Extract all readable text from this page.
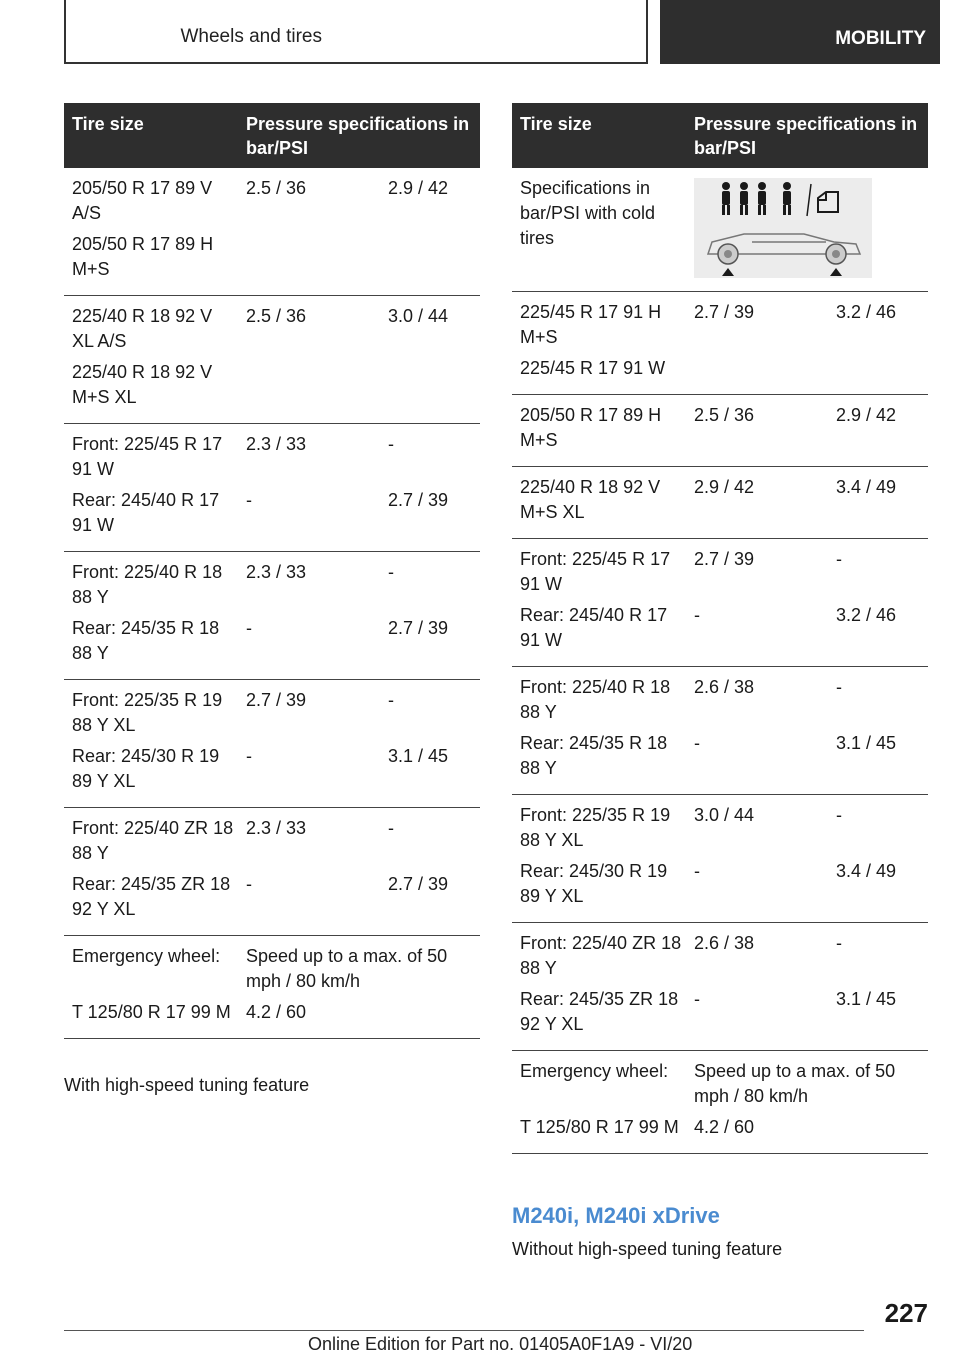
Wheels and tires	MOBILITY
Tire size	Pressure specifications in bar/PSI	
205/50 R 17 89 V A/S	2.5 / 36	2.9 / 42
205/50 R 17 89 H M+S		
225/40 R 18 92 V XL A/S	2.5 / 36	3.0 / 44
225/40 R 18 92 V M+S XL		
Front: 225/45 R 17 91 W	2.3 / 33	-
Rear: 245/40 R 17 91 W	-	2.7 / 39
Front: 225/40 R 18 88 Y	2.3 / 33	-
Rear: 245/35 R 18 88 Y	-	2.7 / 39
Front: 225/35 R 19 88 Y XL	2.7 / 39	-
Rear: 245/30 R 19 89 Y XL	-	3.1 / 45
Front: 225/40 ZR 18 88 Y	2.3 / 33	-
Rear: 245/35 ZR 18 92 Y XL	-	2.7 / 39
Emergency wheel:	Speed up to a max. of 50 mph / 80 km/h	
T 125/80 R 17 99 M	4.2 / 60	
With high-speed tuning feature
Tire size	Pressure specifications in bar/PSI	
Specifications in bar/PSI with cold tires	

225/45 R 17 91 H M+S	2.7 / 39	3.2 / 46
225/45 R 17 91 W		
205/50 R 17 89 H M+S	2.5 / 36	2.9 / 42
225/40 R 18 92 V M+S XL	2.9 / 42	3.4 / 49
Front: 225/45 R 17 91 W	2.7 / 39	-
Rear: 245/40 R 17 91 W	-	3.2 / 46
Front: 225/40 R 18 88 Y	2.6 / 38	-
Rear: 245/35 R 18 88 Y	-	3.1 / 45
Front: 225/35 R 19 88 Y XL	3.0 / 44	-
Rear: 245/30 R 19 89 Y XL	-	3.4 / 49
Front: 225/40 ZR 18 88 Y	2.6 / 38	-
Rear: 245/35 ZR 18 92 Y XL	-	3.1 / 45
Emergency wheel:	Speed up to a max. of 50 mph / 80 km/h	
T 125/80 R 17 99 M	4.2 / 60	
M240i, M240i xDrive
Without high-speed tuning feature
227
Online Edition for Part no. 01405A0F1A9 - VI/20
